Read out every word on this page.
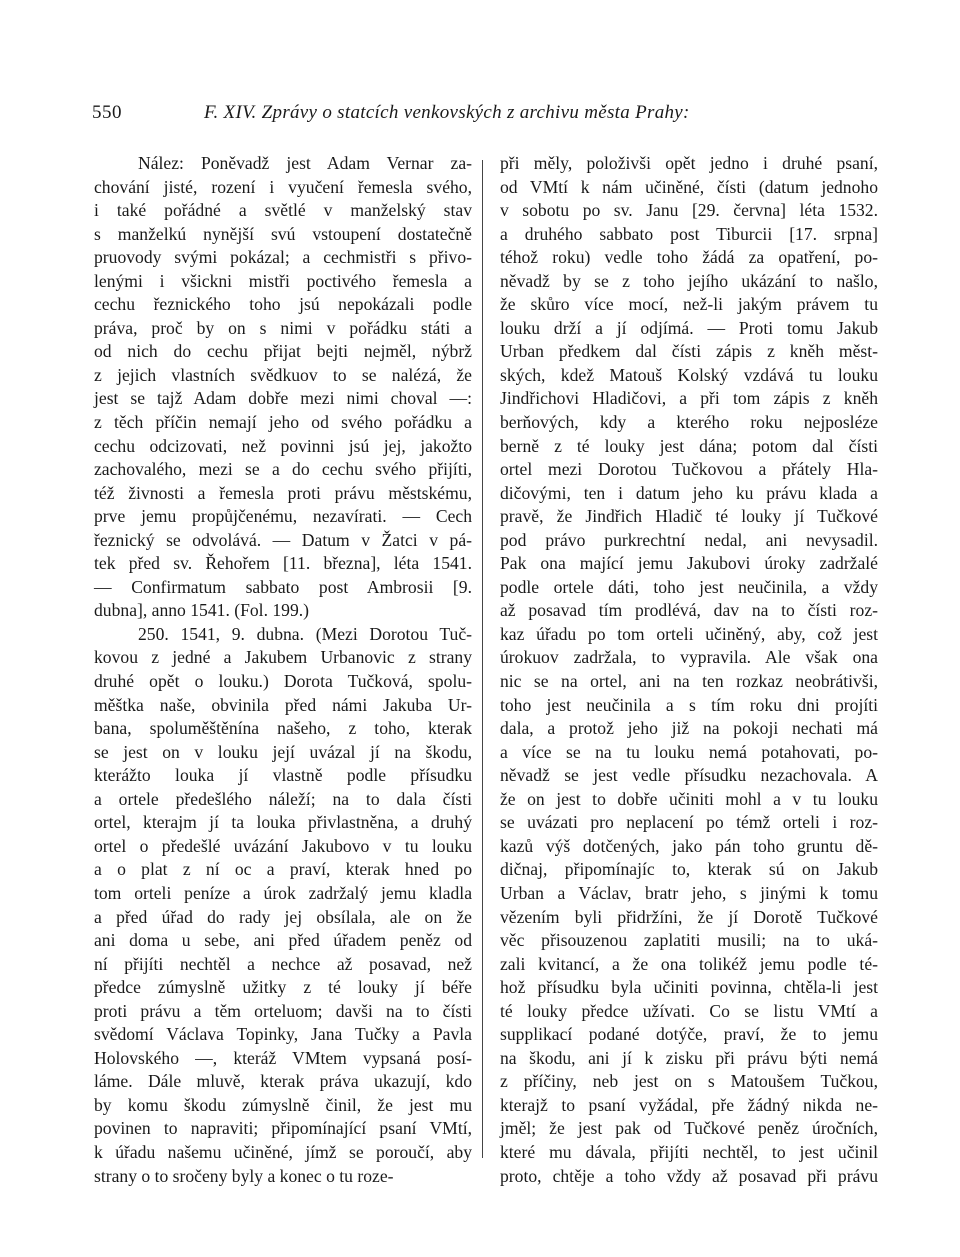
550	F. XIV. Zprávy o statcích venkovských z archivu města Prahy:
Nález: Poněvadž jest Adam Vernar za-
chování jisté, rození i vyučení řemesla svého,
i také pořádné a světlé v manželský stav
s manželkú nynější svú vstoupení dostatečně
pruovody svými pokázal; a cechmistři s přivo-
lenými i všickni mistři poctivého řemesla a
cechu řeznického toho jsú nepokázali podle
práva, proč by on s nimi v pořádku státi a
od nich do cechu přijat bejti nejměl, nýbrž
z jejich vlastních svědkuov to se nalézá, že
jest se tajž Adam dobře mezi nimi choval —:
z těch příčin nemají jeho od svého pořádku a
cechu odcizovati, než povinni jsú jej, jakožto
zachovalého, mezi se a do cechu svého přijíti,
též živnosti a řemesla proti právu městskému,
prve jemu propůjčenému, nezavírati. — Cech
řeznický se odvolává. — Datum v Žatci v pá-
tek před sv. Řehořem [11. března], léta 1541.
— Confirmatum sabbato post Ambrosii [9.
dubna], anno 1541. (Fol. 199.)
250. 1541, 9. dubna. (Mezi Dorotou Tuč-
kovou z jedné a Jakubem Urbanovic z strany
druhé opět o louku.) Dorota Tučková, spolu-
měštka naše, obvinila před námi Jakuba Ur-
bana, spoluměštěnína našeho, z toho, kterak
se jest on v louku její uvázal jí na škodu,
kterážto louka jí vlastně podle přísudku
a ortele předešlého náleží; na to dala čísti
ortel, kterajm jí ta louka přivlastněna, a druhý
ortel o předešlé uvázání Jakubovo v tu louku
a o plat z ní oc a praví, kterak hned po
tom orteli peníze a úrok zadržalý jemu kladla
a před úřad do rady jej obsílala, ale on že
ani doma u sebe, ani před úřadem peněz od
ní přijíti nechtěl a nechce až posavad, než
předce zúmyslně užitky z té louky jí béře
proti právu a těm orteluom; davši na to čísti
svědomí Václava Topinky, Jana Tučky a Pavla
Holovského —, kteráž VMtem vypsaná posí-
láme. Dále mluvě, kterak práva ukazují, kdo
by komu škodu zúmyslně činil, že jest mu
povinen to napraviti; připomínající psaní VMtí,
k úřadu našemu učiněné, jímž se poroučí, aby
strany o to sročeny byly a konec o tu roze-
při měly, položivši opět jedno i druhé psaní,
od VMtí k nám učiněné, čísti (datum jednoho
v sobotu po sv. Janu [29. června] léta 1532.
a druhého sabbato post Tiburcii [17. srpna]
téhož roku) vedle toho žádá za opatření, po-
něvadž by se z toho jejího ukázání to našlo,
že skůro více mocí, než-li jakým právem tu
louku drží a jí odjímá. — Proti tomu Jakub
Urban předkem dal čísti zápis z kněh měst-
ských, kdež Matouš Kolský vzdává tu louku
Jindřichovi Hladičovi, a při tom zápis z kněh
berňových, kdy a kterého roku nejposléze
berně z té louky jest dána; potom dal čísti
ortel mezi Dorotou Tučkovou a přátely Hla-
dičovými, ten i datum jeho ku právu klada a
pravě, že Jindřich Hladič té louky jí Tučkové
pod právo purkrechtní nedal, ani nevysadil.
Pak ona mající jemu Jakubovi úroky zadržalé
podle ortele dáti, toho jest neučinila, a vždy
až posavad tím prodlévá, dav na to čísti roz-
kaz úřadu po tom orteli učiněný, aby, což jest
úrokuov zadržala, to vypravila. Ale však ona
nic se na ortel, ani na ten rozkaz neobrátivši,
toho jest neučinila a s tím roku dni projíti
dala, a protož jeho již na pokoji nechati má
a více se na tu louku nemá potahovati, po-
něvadž se jest vedle přísudku nezachovala. A
že on jest to dobře učiniti mohl a v tu louku
se uvázati pro neplacení po témž orteli i roz-
kazů výš dotčených, jako pán toho gruntu dě-
dičnaj, připomínajíc to, kterak sú on Jakub
Urban a Václav, bratr jeho, s jinými k tomu
vězením byli přidržíni, že jí Dorotě Tučkové
věc přisouzenou zaplatiti musili; na to uká-
zali kvitancí, a že ona tolikéž jemu podle té-
hož přísudku byla učiniti povinna, chtěla-li jest
té louky předce užívati. Co se listu VMtí a
supplikací podané dotýče, praví, že to jemu
na škodu, ani jí k zisku při právu býti nemá
z příčiny, neb jest on s Matoušem Tučkou,
kterajž to psaní vyžádal, pře žádný nikda ne-
jměl; že jest pak od Tučkové peněz úročních,
které mu dávala, přijíti nechtěl, to jest učinil
proto, chtěje a toho vždy až posavad při právu
